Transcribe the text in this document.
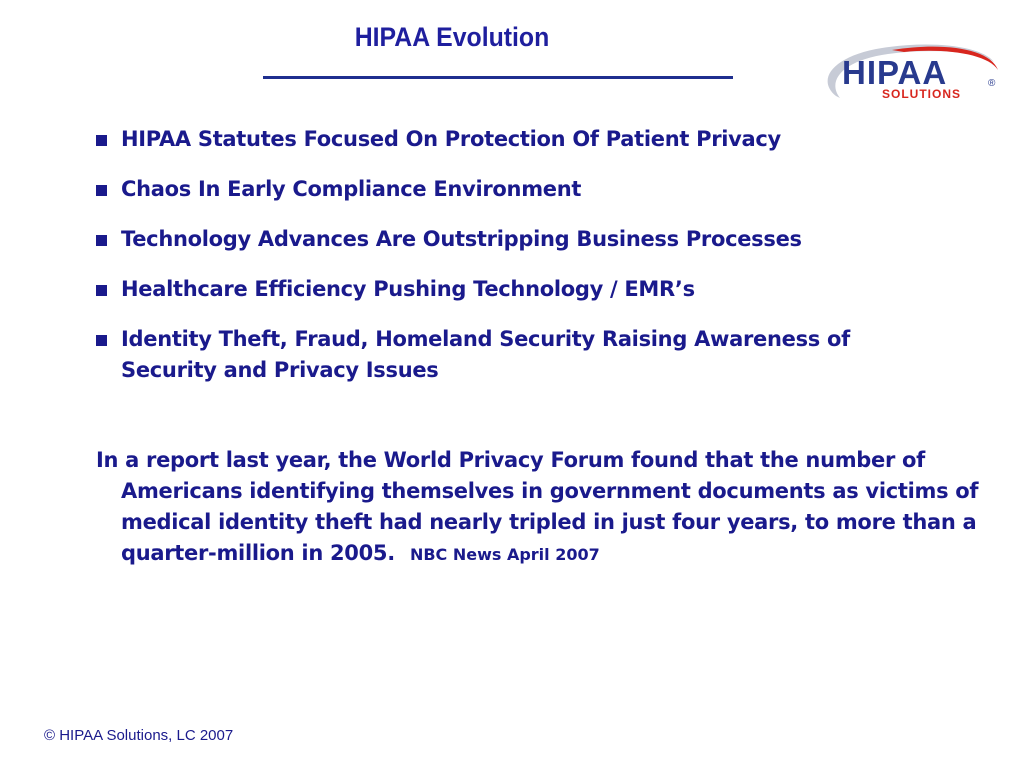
HIPAA Evolution
HIPAA
SOLUTIONS
®
HIPAA Statutes Focused On Protection Of Patient Privacy
Chaos In Early Compliance Environment
Technology Advances Are Outstripping Business Processes
Healthcare Efficiency Pushing Technology / EMR’s
Identity Theft, Fraud, Homeland Security Raising Awareness of Security and Privacy Issues
In a report last year, the World Privacy Forum found that the number of Americans identifying themselves in government documents as victims of medical identity theft had nearly tripled in just four years, to more than a quarter-million in 2005. NBC News April 2007
© HIPAA Solutions, LC 2007
